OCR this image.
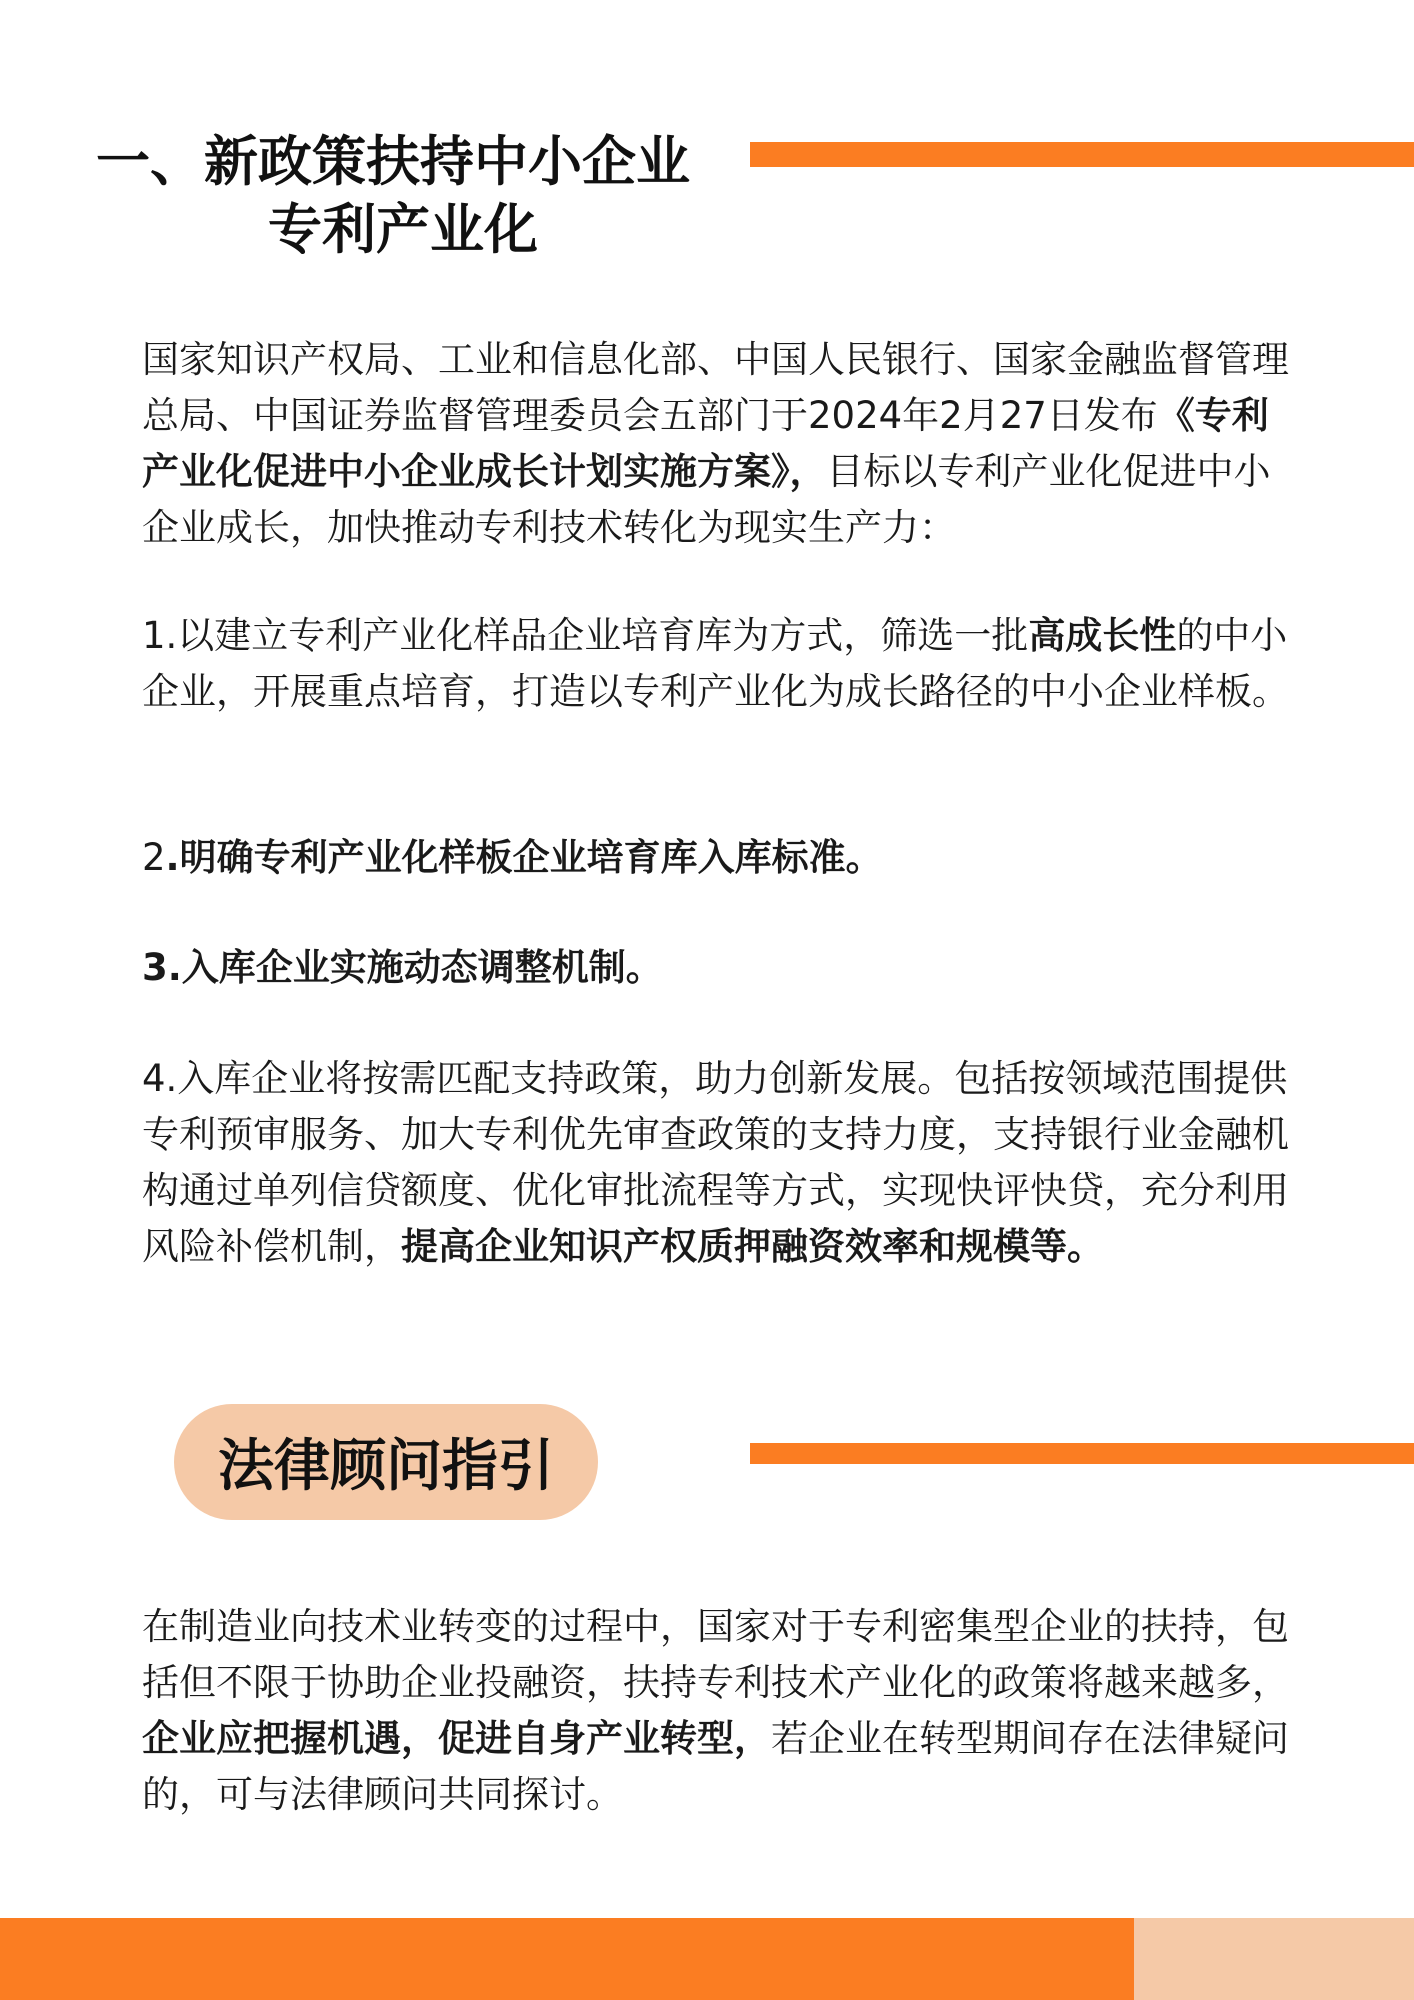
一、新政策扶持中小企业
专利产业化

国家知识产权局、工业和信息化部、中国人民银行、国家金融监督管理总局、中国证券监督管理委员会五部门于2024年2月27日发布《专利产业化促进中小企业成长计划实施方案》，目标以专利产业化促进中小企业成长，加快推动专利技术转化为现实生产力：

1.以建立专利产业化样品企业培育库为方式，筛选一批高成长性的中小企业，开展重点培育，打造以专利产业化为成长路径的中小企业样板。

2.明确专利产业化样板企业培育库入库标准。

3.入库企业实施动态调整机制。

4.入库企业将按需匹配支持政策，助力创新发展。包括按领域范围提供专利预审服务、加大专利优先审查政策的支持力度，支持银行业金融机构通过单列信贷额度、优化审批流程等方式，实现快评快贷，充分利用风险补偿机制，提高企业知识产权质押融资效率和规模等。

法律顾问指引

在制造业向技术业转变的过程中，国家对于专利密集型企业的扶持，包括但不限于协助企业投融资，扶持专利技术产业化的政策将越来越多，企业应把握机遇，促进自身产业转型，若企业在转型期间存在法律疑问的，可与法律顾问共同探讨。
